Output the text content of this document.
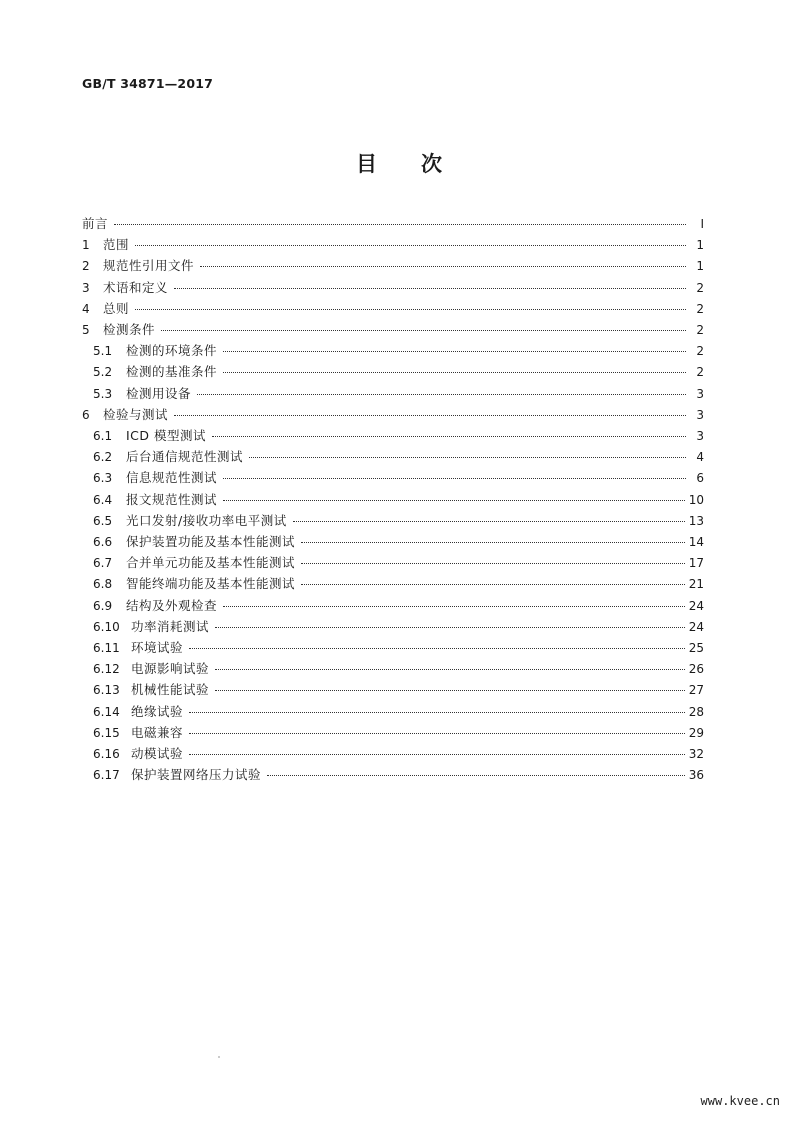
GB/T 34871—2017
目 次
前言	Ⅰ
1	范围	1
2	规范性引用文件	1
3	术语和定义	2
4	总则	2
5	检测条件	2
5.1	检测的环境条件	2
5.2	检测的基准条件	2
5.3	检测用设备	3
6	检验与测试	3
6.1	ICD 模型测试	3
6.2	后台通信规范性测试	4
6.3	信息规范性测试	6
6.4	报文规范性测试	10
6.5	光口发射/接收功率电平测试	13
6.6	保护装置功能及基本性能测试	14
6.7	合并单元功能及基本性能测试	17
6.8	智能终端功能及基本性能测试	21
6.9	结构及外观检查	24
6.10 功率消耗测试	24
6.11 环境试验	25
6.12 电源影响试验	26
6.13 机械性能试验	27
6.14 绝缘试验	28
6.15 电磁兼容	29
6.16 动模试验	32
6.17 保护装置网络压力试验	36
www.kvee.cn
